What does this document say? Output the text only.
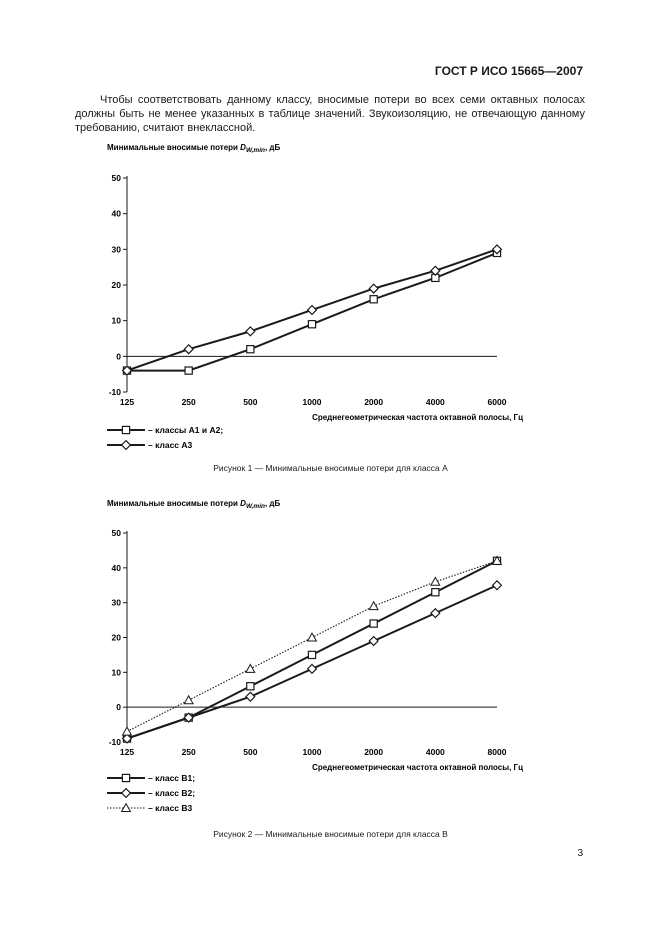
ГОСТ Р ИСО 15665—2007

Чтобы соответствовать данному классу, вносимые потери во всех семи октавных полосах должны быть не менее указанных в таблице значений. Звукоизоляцию, не отвечающую данному требованию, считают внеклассной.

Минимальные вносимые потери $D_{W,min}$, дБ
-10
0
10
20
30
40
50
125	250	500	1000	2000	4000	6000
Среднегеометрическая частота октавной полосы, Гц
– классы А1 и А2;
– класс А3
Рисунок 1 — Минимальные вносимые потери для класса А
Минимальные вносимые потери $D_{W,min}$, дБ
-10
0
10
20
30
40
50
125	250	500	1000	2000	4000	8000
Среднегеометрическая частота октавной полосы, Гц
– класс В1;
– класс В2;
– класс В3
Рисунок 2 — Минимальные вносимые потери для класса В
3
